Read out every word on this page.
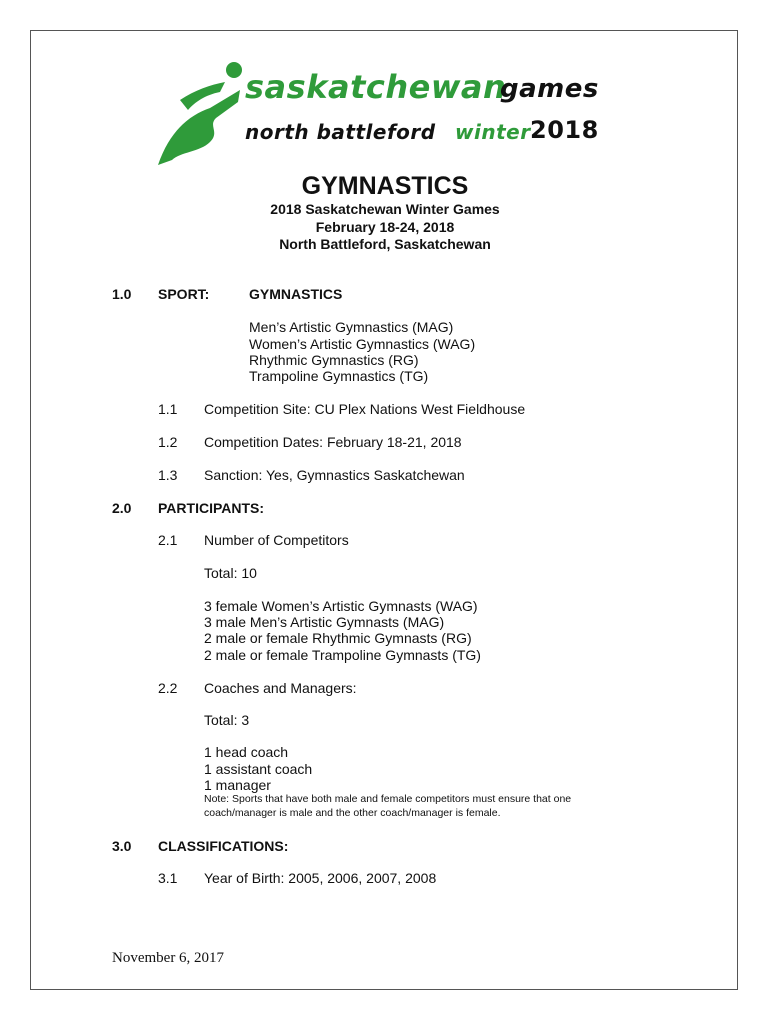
saskatchewan
games
north battleford winter 2018
GYMNASTICS
2018 Saskatchewan Winter Games
February 18-24, 2018
North Battleford, Saskatchewan
1.0 SPORT:	GYMNASTICS
Men’s Artistic Gymnastics (MAG)
Women’s Artistic Gymnastics (WAG)
Rhythmic Gymnastics (RG)
Trampoline Gymnastics (TG)
1.1 Competition Site: CU Plex Nations West Fieldhouse
1.2 Competition Dates: February 18-21, 2018
1.3 Sanction: Yes, Gymnastics Saskatchewan
2.0 PARTICIPANTS:
2.1 Number of Competitors
Total: 10
3 female Women’s Artistic Gymnasts (WAG)
3 male Men’s Artistic Gymnasts (MAG)
2 male or female Rhythmic Gymnasts (RG)
2 male or female Trampoline Gymnasts (TG)
2.2 Coaches and Managers:
Total: 3
1 head coach
1 assistant coach
1 manager
Note: Sports that have both male and female competitors must ensure that one
coach/manager is male and the other coach/manager is female.
3.0 CLASSIFICATIONS:
3.1 Year of Birth: 2005, 2006, 2007, 2008
November 6, 2017
